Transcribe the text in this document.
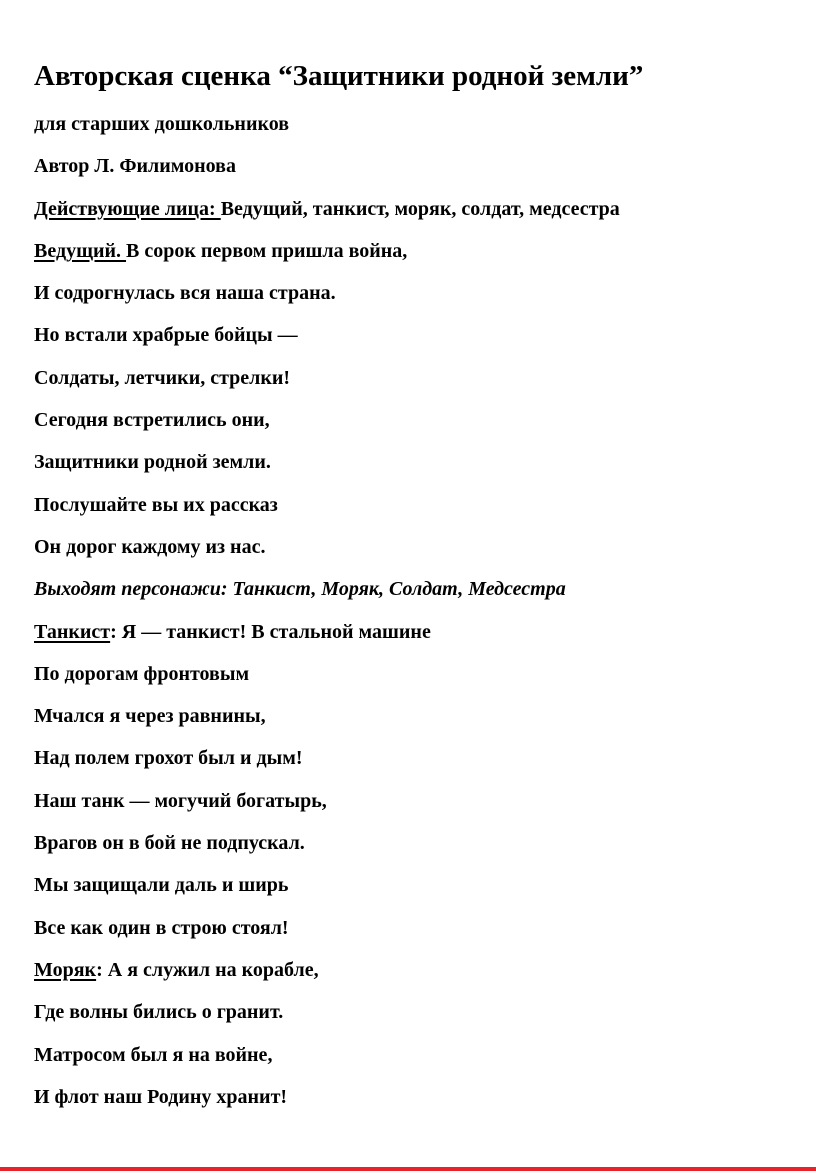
Авторская сценка “Защитники родной земли”
для старших дошкольников
Автор Л. Филимонова
Действующие лица: Ведущий, танкист, моряк, солдат, медсестра
Ведущий. В сорок первом пришла война,
И содрогнулась вся наша страна.
Но встали храбрые бойцы —
Солдаты, летчики, стрелки!
Сегодня встретились они,
Защитники родной земли.
Послушайте вы их рассказ
Он дорог каждому из нас.
Выходят персонажи: Танкист, Моряк, Солдат, Медсестра
Танкист: Я — танкист! В стальной машине
По дорогам фронтовым
Мчался я через равнины,
Над полем грохот был и дым!
Наш танк — могучий богатырь,
Врагов он в бой не подпускал.
Мы защищали даль и ширь
Все как один в строю стоял!
Моряк: А я служил на корабле,
Где волны бились о гранит.
Матросом был я на войне,
И флот наш Родину хранит!
